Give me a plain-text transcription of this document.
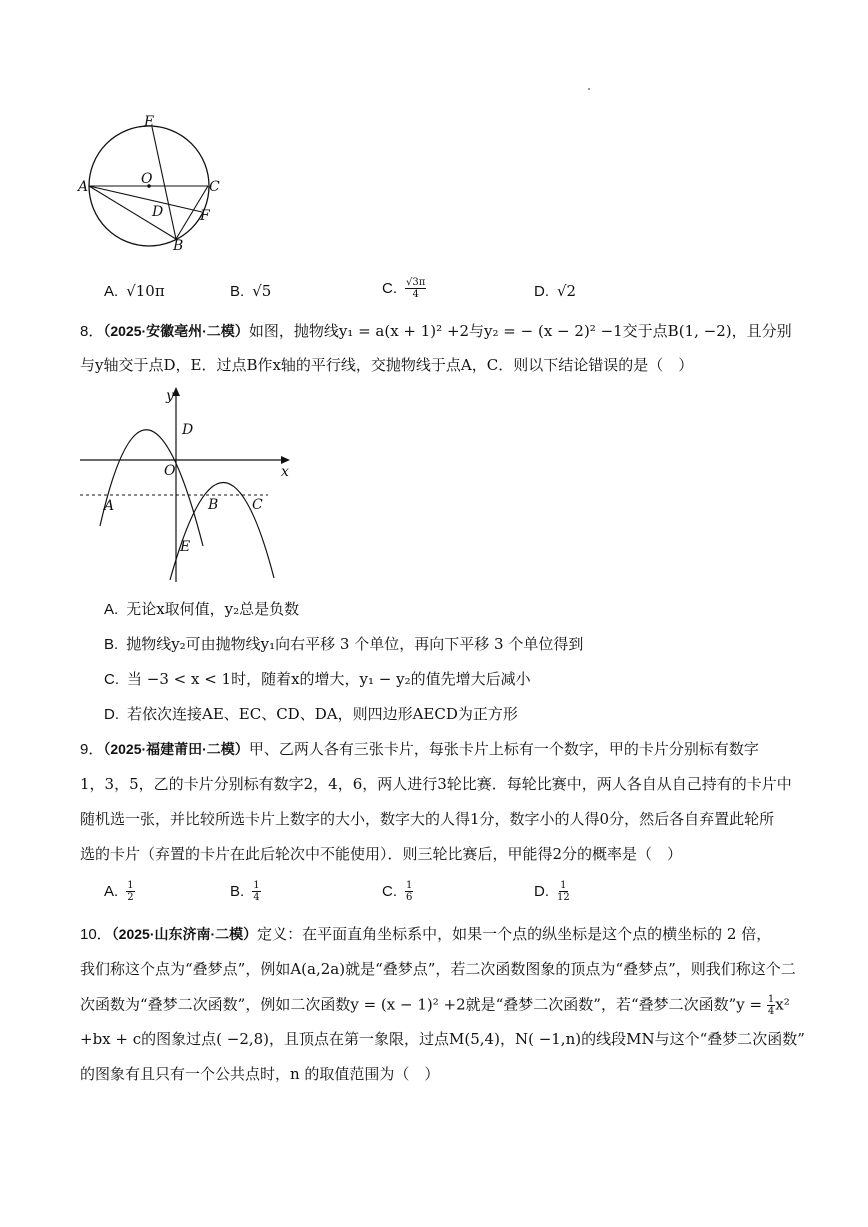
E
O
A	C
D	F
B
A. √10π	B. √5	C. $\frac{√3\pi}{4}$	D. √2
8．（2025·安徽亳州·二模）如图，抛物线y₁ = a(x + 1)² +2与y₂ = − (x − 2)² −1交于点B(1, −2)，且分别
与y轴交于点D，E．过点B作x轴的平行线，交抛物线于点A，C．则以下结论错误的是（　）
y
x
O
D
A	B C
E
A. 无论x取何值，y₂总是负数
B. 抛物线y₂可由抛物线y₁向右平移 3 个单位，再向下平移 3 个单位得到
C. 当 −3 < x < 1时，随着x的增大，y₁ − y₂的值先增大后减小
D. 若依次连接AE、EC、CD、DA，则四边形AECD为正方形
9．（2025·福建莆田·二模）甲、乙两人各有三张卡片，每张卡片上标有一个数字，甲的卡片分别标有数字
1，3，5，乙的卡片分别标有数字2，4，6，两人进行3轮比赛．每轮比赛中，两人各自从自己持有的卡片中
随机选一张，并比较所选卡片上数字的大小，数字大的人得1分，数字小的人得0分，然后各自弃置此轮所
选的卡片（弃置的卡片在此后轮次中不能使用）．则三轮比赛后，甲能得2分的概率是（　）
A. $\frac{1}{2}$	B. $\frac{1}{4}$	C. $\frac{1}{6}$	D. $\frac{1}{12}$
10．（2025·山东济南·二模）定义：在平面直角坐标系中，如果一个点的纵坐标是这个点的横坐标的 2 倍，
我们称这个点为“叠梦点”，例如A(a,2a)就是“叠梦点”，若二次函数图象的顶点为“叠梦点”，则我们称这个二
次函数为“叠梦二次函数”，例如二次函数y = (x − 1)² +2就是“叠梦二次函数”，若“叠梦二次函数”y = $\frac{1}{4} x^2$
+bx + c的图象过点( −2,8)，且顶点在第一象限，过点M(5,4)，N( −1,n)的线段MN与这个“叠梦二次函数”
的图象有且只有一个公共点时，n 的取值范围为（　）
